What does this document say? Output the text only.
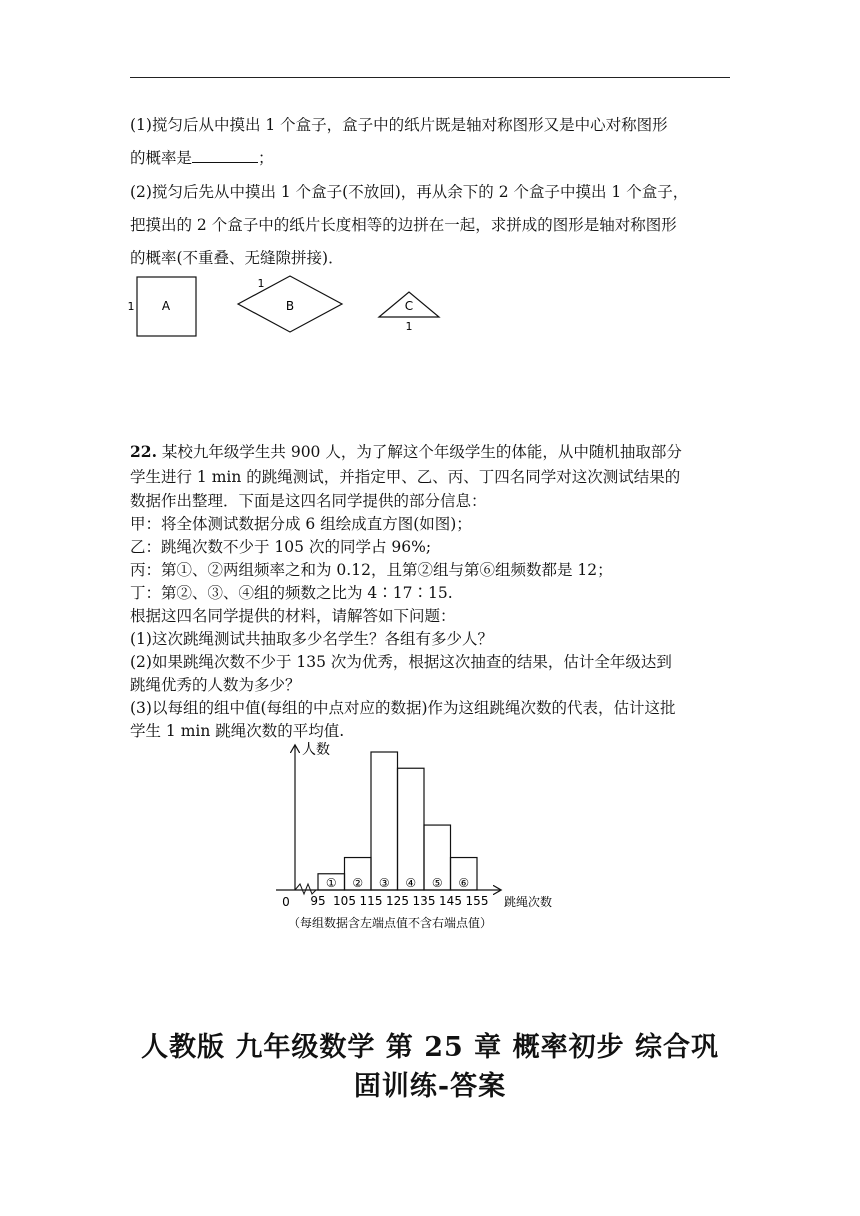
(1)搅匀后从中摸出 1 个盒子，盒子中的纸片既是轴对称图形又是中心对称图形
的概率是	；
(2)搅匀后先从中摸出 1 个盒子(不放回)，再从余下的 2 个盒子中摸出 1 个盒子，
把摸出的 2 个盒子中的纸片长度相等的边拼在一起，求拼成的图形是轴对称图形
的概率(不重叠、无缝隙拼接)．
A
1	B
1
C
1
22. 某校九年级学生共 900 人，为了解这个年级学生的体能，从中随机抽取部分
学生进行 1 min 的跳绳测试，并指定甲、乙、丙、丁四名同学对这次测试结果的
数据作出整理．下面是这四名同学提供的部分信息：
甲：将全体测试数据分成 6 组绘成直方图(如图)；
乙：跳绳次数不少于 105 次的同学占 96%;
丙：第①、②两组频率之和为 0.12，且第②组与第⑥组频数都是 12；
丁：第②、③、④组的频数之比为 4∶17∶15.
根据这四名同学提供的材料，请解答如下问题：
(1)这次跳绳测试共抽取多少名学生？各组有多少人？
(2)如果跳绳次数不少于 135 次为优秀，根据这次抽查的结果，估计全年级达到
跳绳优秀的人数为多少？
(3)以每组的组中值(每组的中点对应的数据)作为这组跳绳次数的代表，估计这批
学生 1 min 跳绳次数的平均值.
人数
跳绳次数
0 95 105 115 125 135 145 155
① ② ③ ④ ⑤ ⑥
（每组数据含左端点值不含右端点值）
人教版 九年级数学 第 25 章 概率初步 综合巩
固训练-答案
